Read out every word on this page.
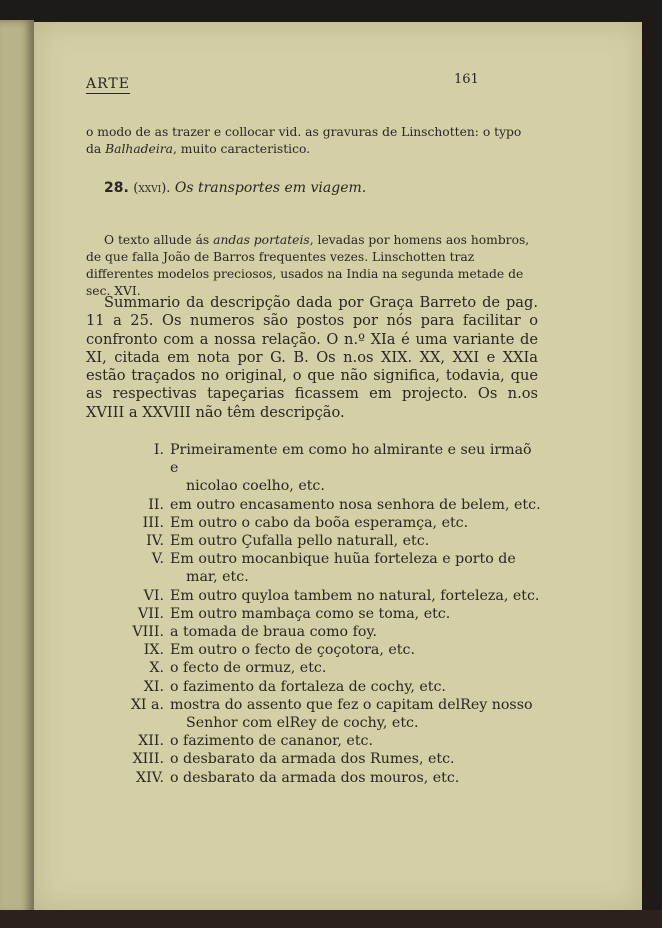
ARTE	161
o modo de as trazer e collocar vid. as gravuras de Linschotten: o typo da Balhadeira, muito caracteristico.
28. (xxvi). Os transportes em viagem.
O texto allude ás andas portateis, levadas por homens aos hombros, de que falla João de Barros frequentes vezes. Linschotten traz differentes modelos preciosos, usados na India na segunda metade de sec. XVI.
Summario da descripção dada por Graça Barreto de pag. 11 a 25. Os numeros são postos por nós para facilitar o confronto com a nossa relação. O n.º XIa é uma variante de XI, citada em nota por G. B. Os n.os XIX. XX, XXI e XXIa estão traçados no original, o que não significa, todavia, que as respectivas tapeçarias ficassem em projecto. Os n.os XVIII a XXVIII não têm descripção.
I. Primeiramente em como ho almirante e seu irmaõ e
nicolao coelho, etc.
II. em outro encasamento nosa senhora de belem, etc.
III. Em outro o cabo da boõa esperamça, etc.
IV. Em outro Çufalla pello naturall, etc.
V. Em outro mocanbique huũa forteleza e porto de
mar, etc.
VI. Em outro quyloa tambem no natural, forteleza, etc.
VII. Em outro mambaça como se toma, etc.
VIII. a tomada de braua como foy.
IX. Em outro o fecto de çoçotora, etc.
X. o fecto de ormuz, etc.
XI. o fazimento da fortaleza de cochy, etc.
XI a. mostra do assento que fez o capitam delRey nosso
Senhor com elRey de cochy, etc.
XII. o fazimento de cananor, etc.
XIII. o desbarato da armada dos Rumes, etc.
XIV. o desbarato da armada dos mouros, etc.
